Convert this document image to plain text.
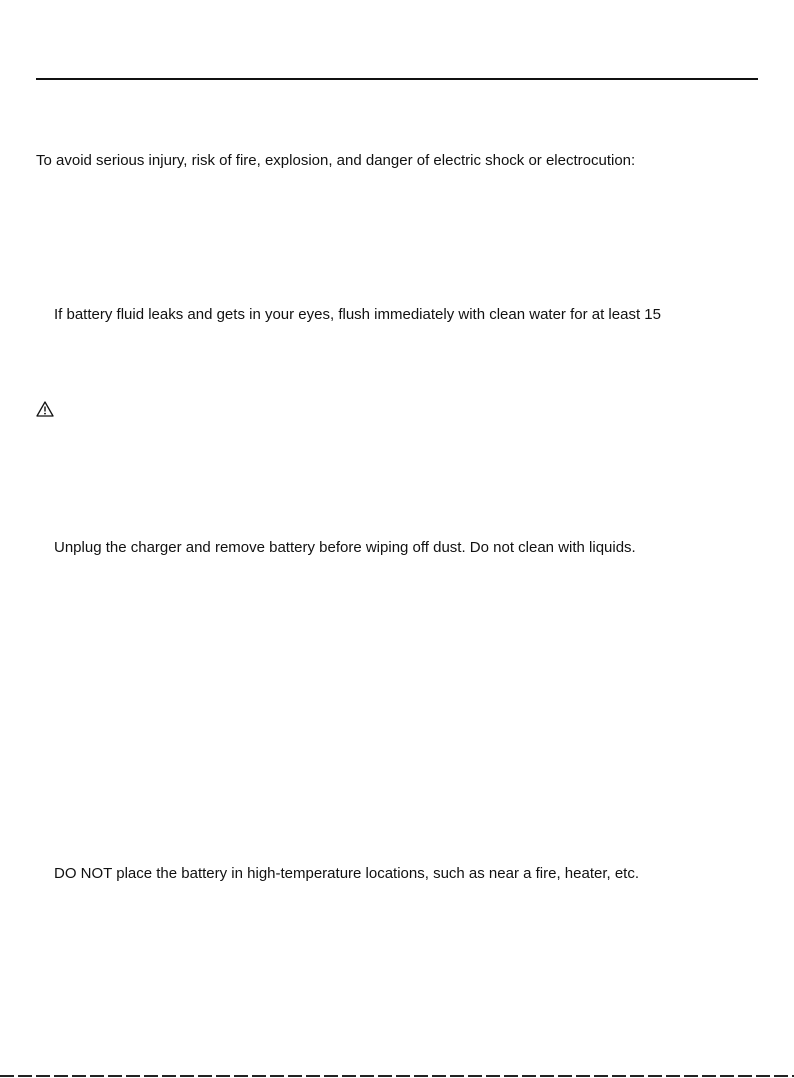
To avoid serious injury, risk of fire, explosion, and danger of electric shock or electrocution:
If battery fluid leaks and gets in your eyes, flush immediately with clean water for at least 15
Unplug the charger and remove battery before wiping off dust. Do not clean with liquids.
DO NOT place the battery in high-temperature locations, such as near a fire, heater, etc.
